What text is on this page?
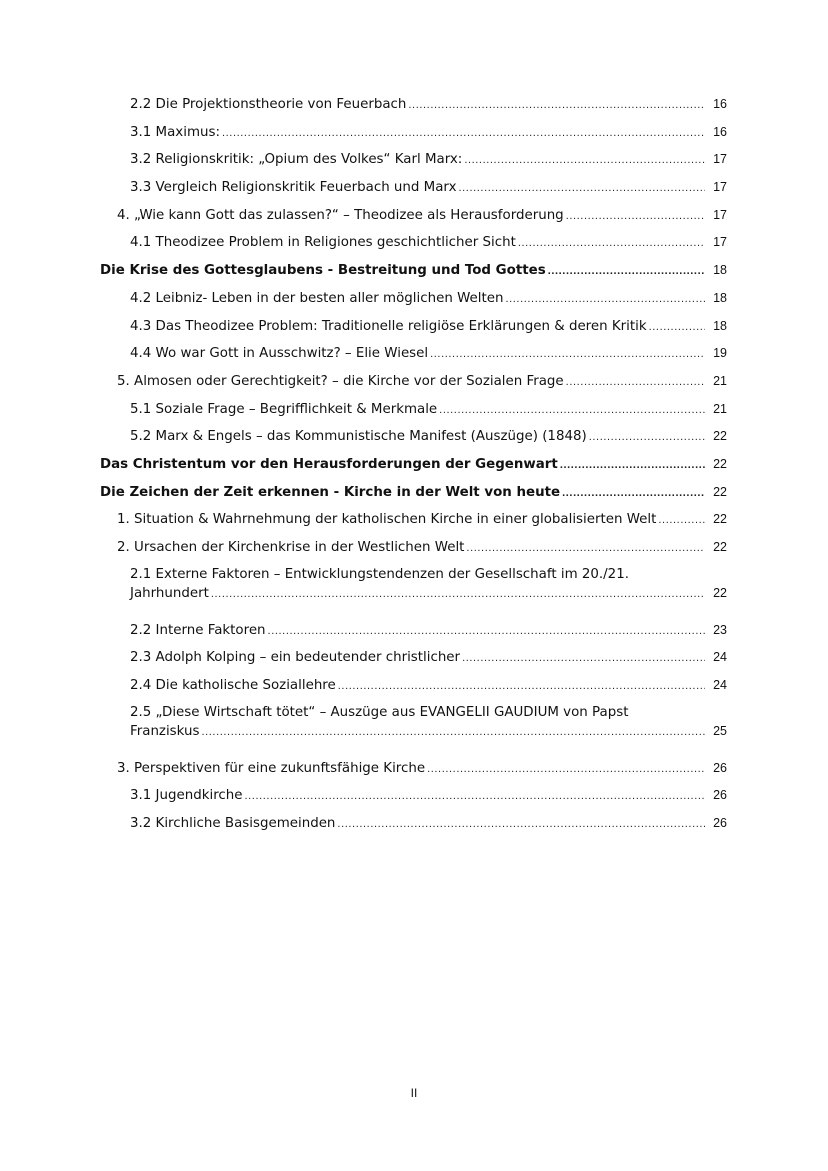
2.2 Die Projektionstheorie von Feuerbach .....	16
3.1 Maximus: .....	16
3.2 Religionskritik: „Opium des Volkes“ Karl Marx: .....	17
3.3 Vergleich Religionskritik Feuerbach und Marx .....	17
4. „Wie kann Gott das zulassen?“ – Theodizee als Herausforderung .....	17
4.1 Theodizee Problem in Religiones geschichtlicher Sicht .....	17
Die Krise des Gottesglaubens - Bestreitung und Tod Gottes .....	18
4.2 Leibniz- Leben in der besten aller möglichen Welten .....	18
4.3 Das Theodizee Problem: Traditionelle religiöse Erklärungen & deren Kritik .....	18
4.4 Wo war Gott in Ausschwitz? – Elie Wiesel .....	19
5. Almosen oder Gerechtigkeit? – die Kirche vor der Sozialen Frage .....	21
5.1 Soziale Frage – Begrifflichkeit & Merkmale .....	21
5.2 Marx & Engels – das Kommunistische Manifest (Auszüge) (1848) .....	22
Das Christentum vor den Herausforderungen der Gegenwart .....	22
Die Zeichen der Zeit erkennen - Kirche in der Welt von heute .....	22
1. Situation & Wahrnehmung der katholischen Kirche in einer globalisierten Welt .....	22
2. Ursachen der Kirchenkrise in der Westlichen Welt .....	22
2.1 Externe Faktoren – Entwicklungstendenzen der Gesellschaft im 20./21.
Jahrhundert .....	22
2.2 Interne Faktoren .....	23
2.3 Adolph Kolping – ein bedeutender christlicher .....	24
2.4 Die katholische Soziallehre .....	24
2.5 „Diese Wirtschaft tötet“ – Auszüge aus EVANGELII GAUDIUM von Papst
Franziskus .....	25
3. Perspektiven für eine zukunftsfähige Kirche .....	26
3.1 Jugendkirche .....	26
3.2 Kirchliche Basisgemeinden .....	26
II
